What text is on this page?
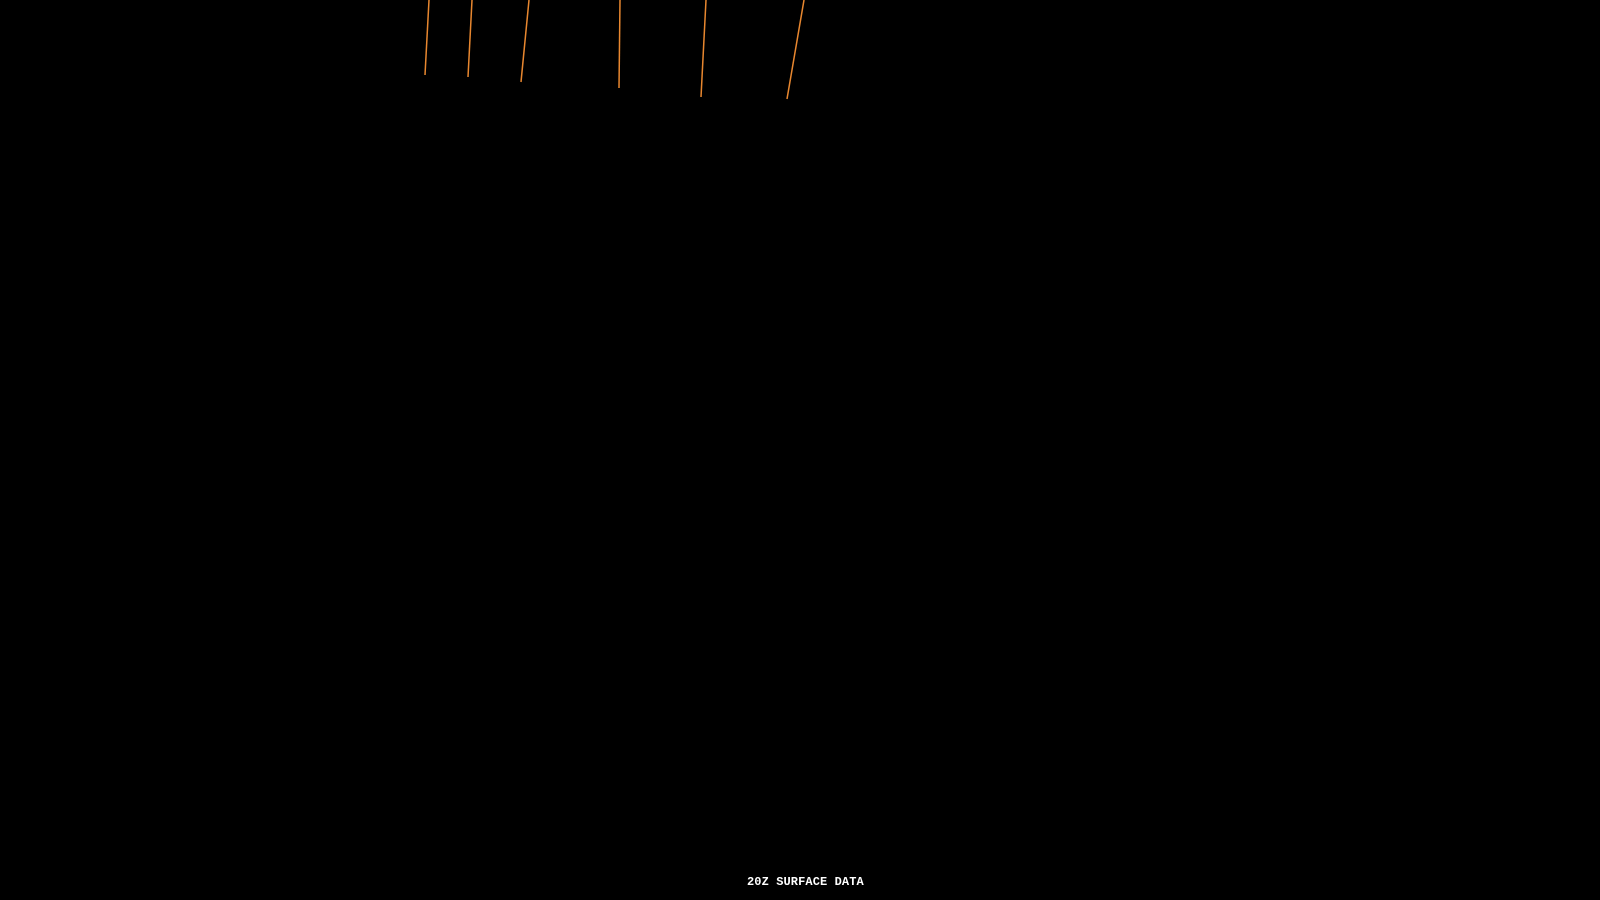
20Z SURFACE DATA
